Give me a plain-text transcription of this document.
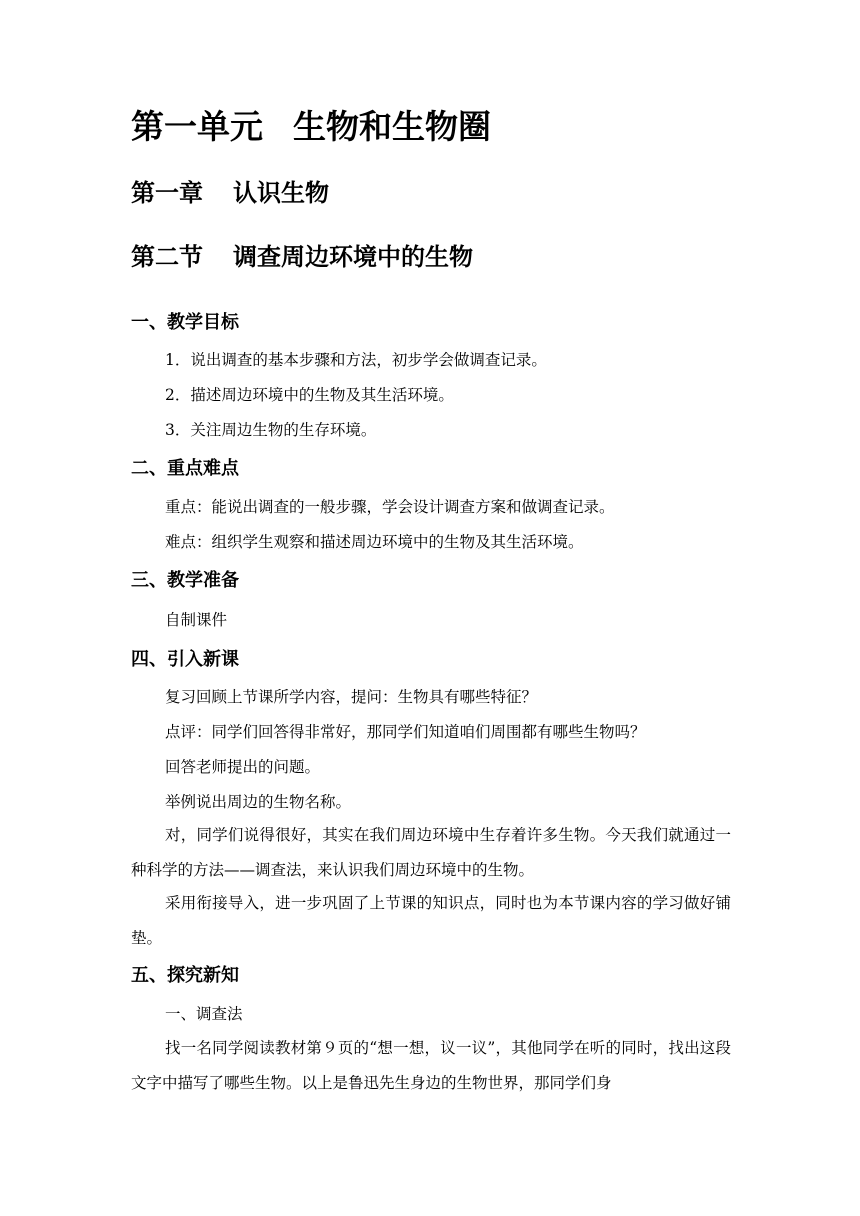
第一单元 生物和生物圈
第一章 认识生物
第二节 调查周边环境中的生物
一、教学目标
1．说出调查的基本步骤和方法，初步学会做调查记录。
2．描述周边环境中的生物及其生活环境。
3．关注周边生物的生存环境。
二、重点难点
重点：能说出调查的一般步骤，学会设计调查方案和做调查记录。
难点：组织学生观察和描述周边环境中的生物及其生活环境。
三、教学准备
自制课件
四、引入新课
复习回顾上节课所学内容，提问：生物具有哪些特征？
点评：同学们回答得非常好，那同学们知道咱们周围都有哪些生物吗？
回答老师提出的问题。
举例说出周边的生物名称。
对，同学们说得很好，其实在我们周边环境中生存着许多生物。今天我们就通过一种科学的方法——调查法，来认识我们周边环境中的生物。
采用衔接导入，进一步巩固了上节课的知识点，同时也为本节课内容的学习做好铺垫。
五、探究新知
一、调查法
找一名同学阅读教材第９页的“想一想，议一议”，其他同学在听的同时，找出这段文字中描写了哪些生物。以上是鲁迅先生身边的生物世界，那同学们身
